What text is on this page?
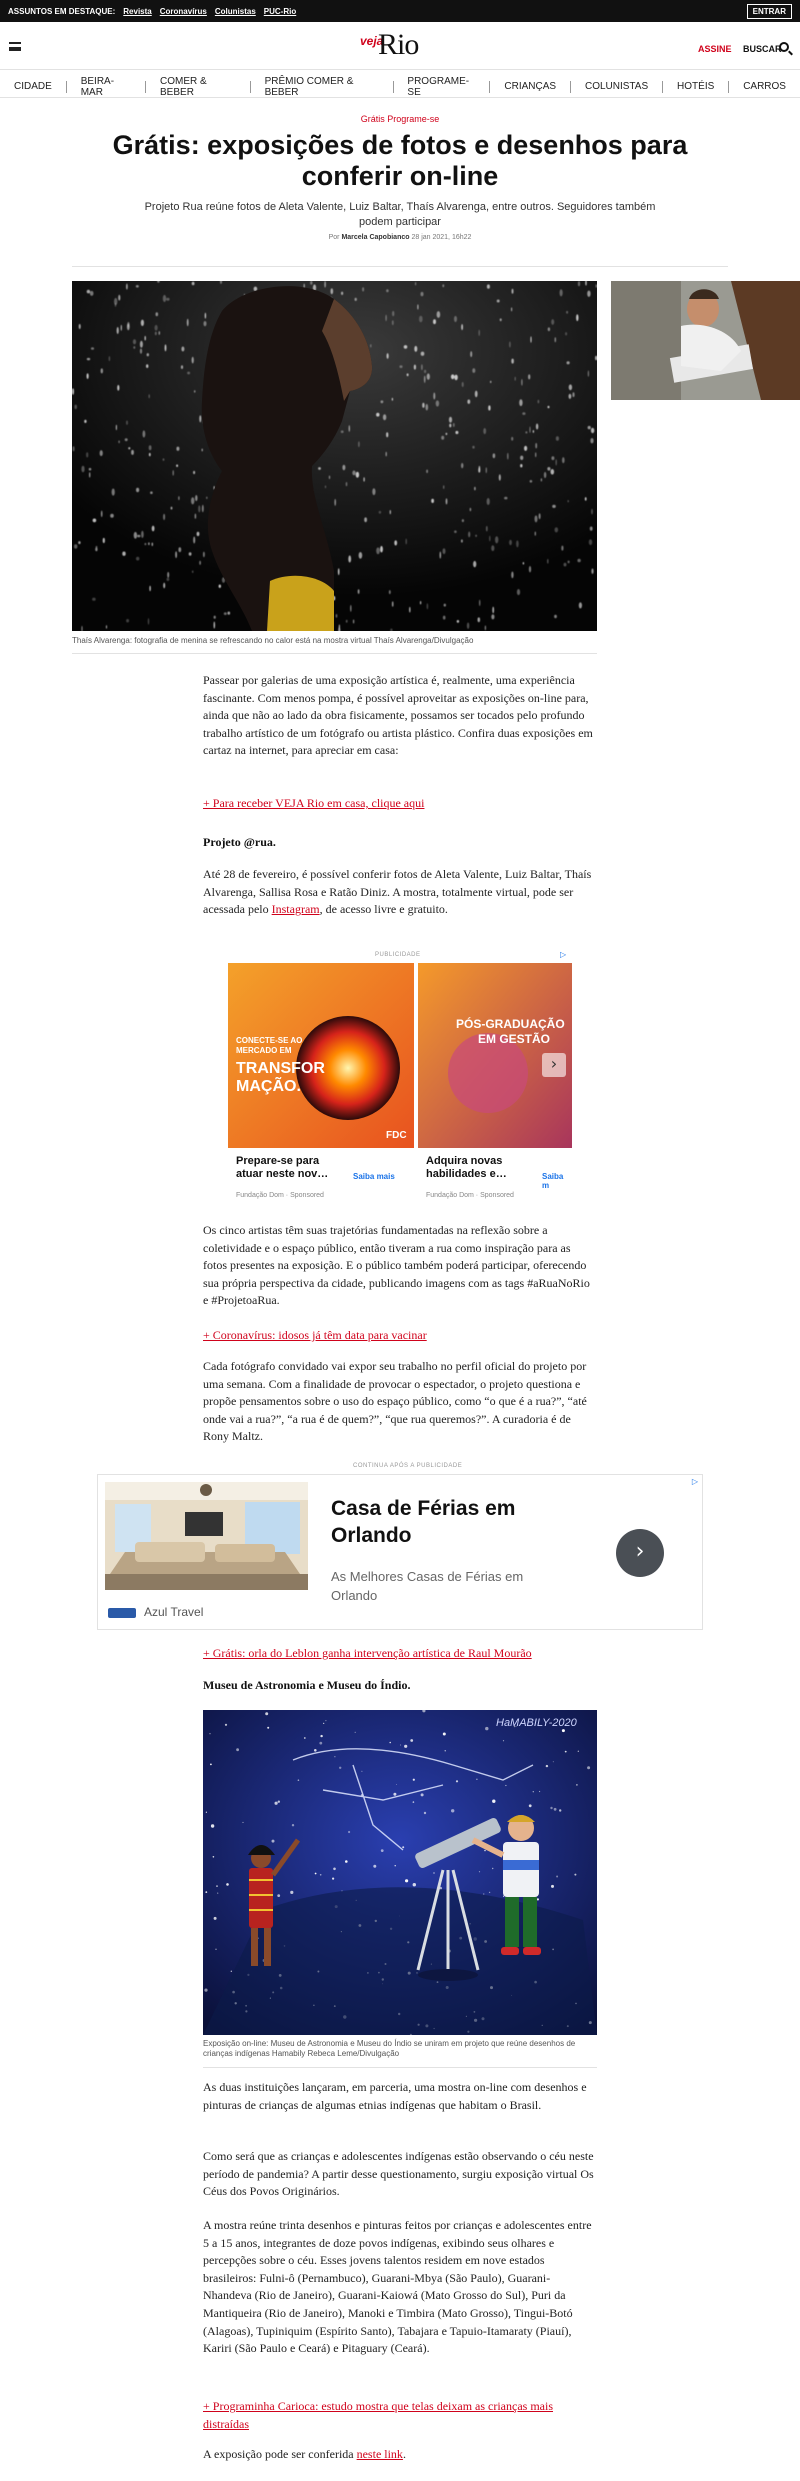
ASSUNTOS EM DESTAQUE: Revista Coronavírus Colunistas PUC-Rio	ENTRAR
veja
Rio	ASSINE BUSCAR
CIDADE	BEIRA-MAR
COMER & BEBER
PRÊMIO COMER & BEBER
PROGRAME-SE	CRIANÇAS	COLUNISTAS	HOTÉIS	CARROS
Grátis Programe-se
Grátis: exposições de fotos e desenhos para conferir on-line

Projeto Rua reúne fotos de Aleta Valente, Luiz Baltar, Thaís Alvarenga, entre outros. Seguidores também podem participar

Por Marcela Capobianco 28 jan 2021, 16h22
Thaís Alvarenga: fotografia de menina se refrescando no calor está na mostra virtual Thaís Alvarenga/Divulgação

Passear por galerias de uma exposição artística é, realmente, uma experiência fascinante. Com menos pompa, é possível aproveitar as exposições on-line para, ainda que não ao lado da obra fisicamente, possamos ser tocados pelo profundo trabalho artístico de um fotógrafo ou artista plástico. Confira duas exposições em cartaz na internet, para apreciar em casa:

+ Para receber VEJA Rio em casa, clique aqui

Projeto @rua.

Até 28 de fevereiro, é possível conferir fotos de Aleta Valente, Luiz Baltar, Thaís Alvarenga, Sallisa Rosa e Ratão Diniz. A mostra, totalmente virtual, pode ser acessada pelo Instagram, de acesso livre e gratuito.

PUBLICIDADE	▷
CONECTE-SE AO
MERCADO EM
TRANSFOR
MAÇÃO.
FDC
Prepare-se para atuar neste nov…
Fundação Dom · Sponsored
Saiba mais
PÓS-GRADUAÇÃO
EM GESTÃO
Adquira novas habilidades e…
Fundação Dom · Sponsored
Saiba m
›

Os cinco artistas têm suas trajetórias fundamentadas na reflexão sobre a coletividade e o espaço público, então tiveram a rua como inspiração para as fotos presentes na exposição. E o público também poderá participar, oferecendo sua própria perspectiva da cidade, publicando imagens com as tags #aRuaNoRio e #ProjetoaRua.

+ Coronavírus: idosos já têm data para vacinar

Cada fotógrafo convidado vai expor seu trabalho no perfil oficial do projeto por uma semana. Com a finalidade de provocar o espectador, o projeto questiona e propõe pensamentos sobre o uso do espaço público, como “o que é a rua?”, “até onde vai a rua?”, “a rua é de quem?”, “que rua queremos?”. A curadoria é de Rony Maltz.

CONTINUA APÓS A PUBLICIDADE
▷
Casa de Férias em Orlando
As Melhores Casas de Férias em Orlando
›
Azul Travel
+ Grátis: orla do Leblon ganha intervenção artística de Raul Mourão

Museu de Astronomia e Museu do Índio.

HaMABILY-2020
Exposição on-line: Museu de Astronomia e Museu do Índio se uniram em projeto que reúne desenhos de crianças indígenas Hamabily Rebeca Leme/Divulgação

As duas instituições lançaram, em parceria, uma mostra on-line com desenhos e pinturas de crianças de algumas etnias indígenas que habitam o Brasil.

Como será que as crianças e adolescentes indígenas estão observando o céu neste período de pandemia? A partir desse questionamento, surgiu exposição virtual Os Céus dos Povos Originários.

A mostra reúne trinta desenhos e pinturas feitos por crianças e adolescentes entre 5 a 15 anos, integrantes de doze povos indígenas, exibindo seus olhares e percepções sobre o céu. Esses jovens talentos residem em nove estados brasileiros: Fulni-ô (Pernambuco), Guarani-Mbya (São Paulo), Guarani-Nhandeva (Rio de Janeiro), Guarani-Kaiowá (Mato Grosso do Sul), Puri da Mantiqueira (Rio de Janeiro), Manoki e Timbira (Mato Grosso), Tingui-Botó (Alagoas), Tupiniquim (Espírito Santo), Tabajara e Tapuio-Itamaraty (Piauí), Kariri (São Paulo e Ceará) e Pitaguary (Ceará).

+ Programinha Carioca: estudo mostra que telas deixam as crianças mais distraídas

A exposição pode ser conferida neste link.
